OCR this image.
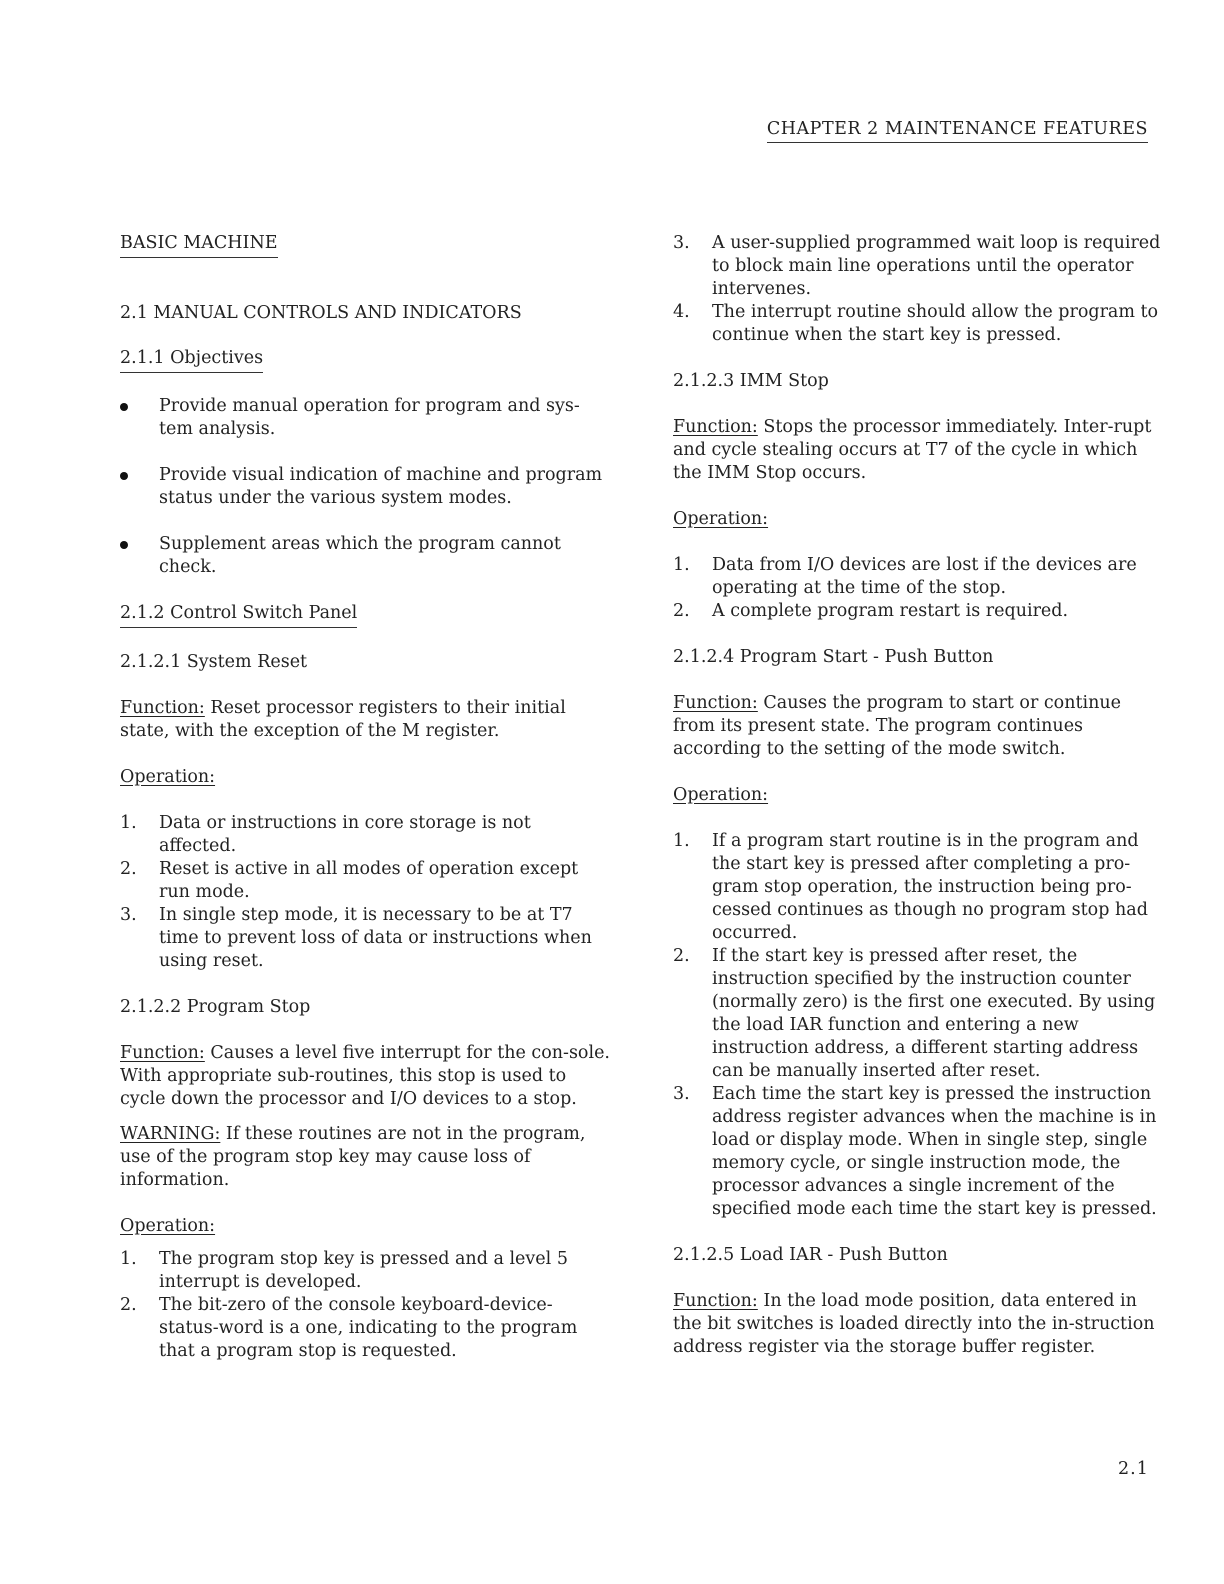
CHAPTER 2 MAINTENANCE FEATURES
BASIC MACHINE
2.1 MANUAL CONTROLS AND INDICATORS
2.1.1 Objectives
Provide manual operation for program and sys-tem analysis.
Provide visual indication of machine and program status under the various system modes.
Supplement areas which the program cannot check.
2.1.2 Control Switch Panel
2.1.2.1 System Reset
Function: Reset processor registers to their initial state, with the exception of the M register.
Operation:
1.	Data or instructions in core storage is not affected.
2.	Reset is active in all modes of operation except run mode.
3.	In single step mode, it is necessary to be at T7 time to prevent loss of data or instructions when using reset.
2.1.2.2 Program Stop
Function: Causes a level five interrupt for the con-sole. With appropriate sub-routines, this stop is used to cycle down the processor and I/O devices to a stop.
WARNING: If these routines are not in the program, use of the program stop key may cause loss of information.
Operation:
1.	The program stop key is pressed and a level 5 interrupt is developed.
2.	The bit-zero of the console keyboard-device-status-word is a one, indicating to the program that a program stop is requested.
3.	A user-supplied programmed wait loop is required to block main line operations until the operator intervenes.
4.	The interrupt routine should allow the program to continue when the start key is pressed.
2.1.2.3 IMM Stop
Function: Stops the processor immediately. Inter-rupt and cycle stealing occurs at T7 of the cycle in which the IMM Stop occurs.
Operation:
1.	Data from I/O devices are lost if the devices are operating at the time of the stop.
2.	A complete program restart is required.
2.1.2.4 Program Start - Push Button
Function: Causes the program to start or continue from its present state. The program continues according to the setting of the mode switch.
Operation:
1.	If a program start routine is in the program and the start key is pressed after completing a pro-gram stop operation, the instruction being pro-cessed continues as though no program stop had occurred.
2.	If the start key is pressed after reset, the instruction specified by the instruction counter (normally zero) is the first one executed. By using the load IAR function and entering a new instruction address, a different starting address can be manually inserted after reset.
3.	Each time the start key is pressed the instruction address register advances when the machine is in load or display mode. When in single step, single memory cycle, or single instruction mode, the processor advances a single increment of the specified mode each time the start key is pressed.
2.1.2.5 Load IAR - Push Button
Function: In the load mode position, data entered in the bit switches is loaded directly into the in-struction address register via the storage buffer register.
2.1
